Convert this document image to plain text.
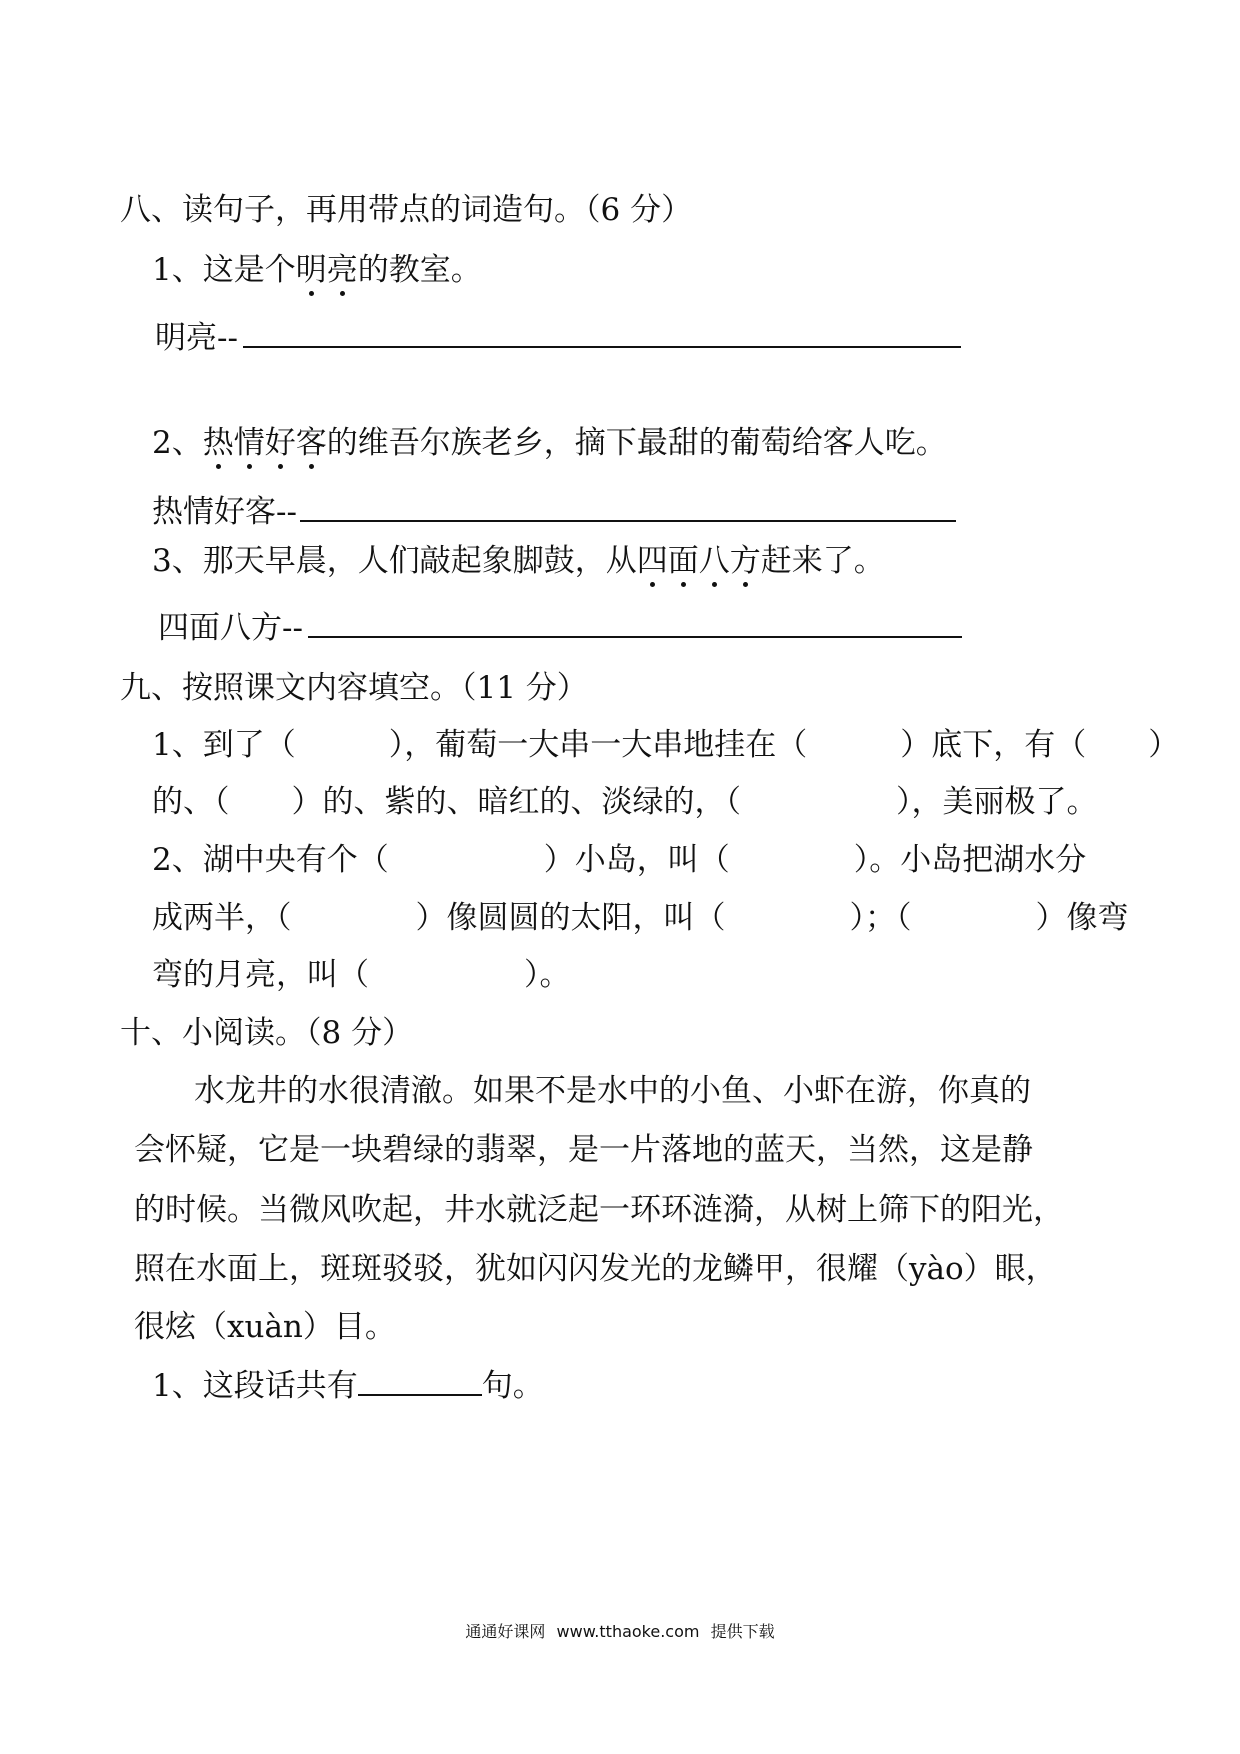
八、读句子，再用带点的词造句。（6 分）
1、这是个明
亮
的教室。
明亮--
2、热
情
好
客
的维吾尔族老乡，摘下最甜的葡萄给客人吃。
热情好客--
3、那天早晨，人们敲起象脚鼓，从四
面
八
方
赶来了。
四面八方--
九、按照课文内容填空。（11 分）
1、到了（　　　），葡萄一大串一大串地挂在（　　　）底下，有（　　）
的、（　　）的、紫的、暗红的、淡绿的，（　　　　　），美丽极了。
2、湖中央有个（　　　　　）小岛，叫（　　　　）。小岛把湖水分
成两半，（　　　　）像圆圆的太阳，叫（　　　　）；（　　　　）像弯
弯的月亮，叫（　　　　　）。
十、小阅读。（8 分）
水龙井的水很清澈。如果不是水中的小鱼、小虾在游，你真的
会怀疑，它是一块碧绿的翡翠，是一片落地的蓝天，当然，这是静
的时候。当微风吹起，井水就泛起一环环涟漪，从树上筛下的阳光，
照在水面上，斑斑驳驳，犹如闪闪发光的龙鳞甲，很耀（yào）眼，
很炫（xuàn）目。
1、这段话共有	句。
通通好课网 www.tthaoke.com 提供下载
